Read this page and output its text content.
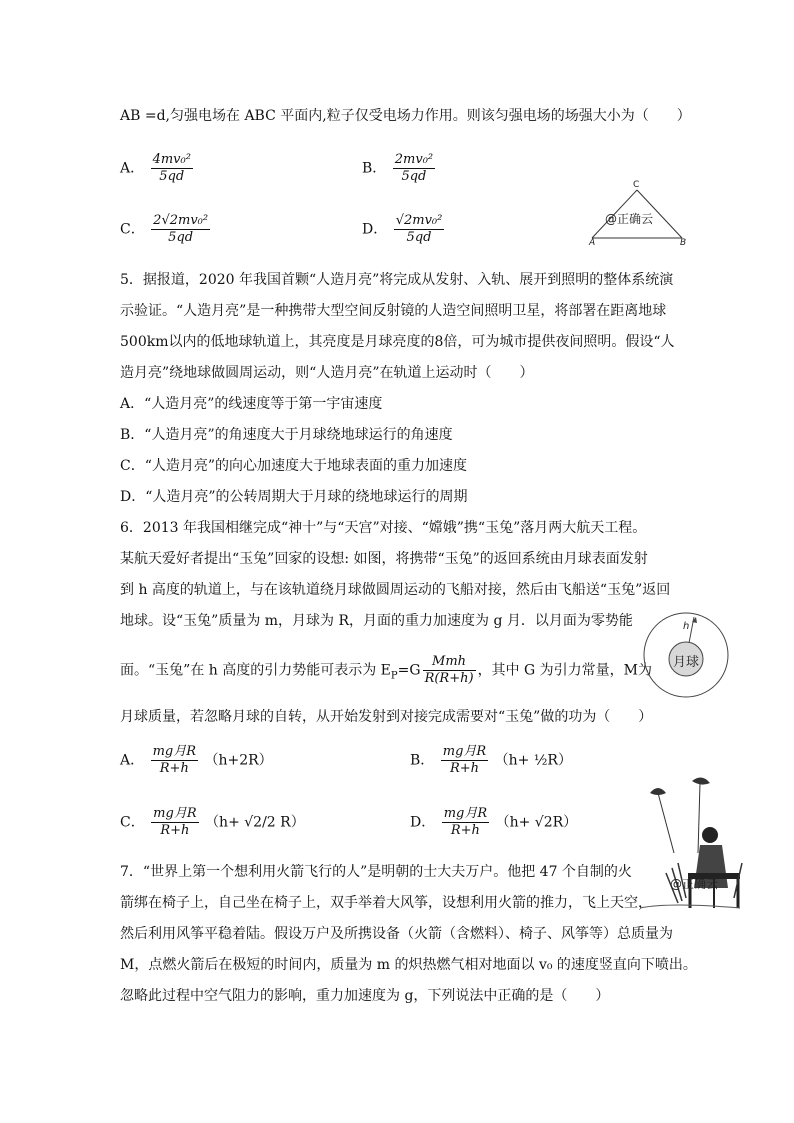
AB =d,匀强电场在 ABC 平面内,粒子仅受电场力作用。则该匀强电场的场强大小为（　　）
A． $\frac{\text{4mv₀²}}{5qd}$	B． $\frac{\text{2mv₀²}}{5qd}$
C． $\frac{\text{2√2mv₀²}}{5qd}$	D． $\frac{\text{√2mv₀²}}{5qd}$
C
A	B
@正确云
5．据报道，2020 年我国首颗“人造月亮”将完成从发射、入轨、展开到照明的整体系统演
示验证。“人造月亮”是一种携带大型空间反射镜的人造空间照明卫星，将部署在距离地球
500km以内的低地球轨道上，其亮度是月球亮度的8倍，可为城市提供夜间照明。假设“人
造月亮”绕地球做圆周运动，则“人造月亮”在轨道上运动时（　　）
A．“人造月亮”的线速度等于第一宇宙速度
B．“人造月亮”的角速度大于月球绕地球运行的角速度
C．“人造月亮”的向心加速度大于地球表面的重力加速度
D．“人造月亮”的公转周期大于月球的绕地球运行的周期
6．2013 年我国相继完成“神十”与“天宫”对接、“嫦娥”携“玉兔”落月两大航天工程。
某航天爱好者提出“玉兔”回家的设想: 如图，将携带“玉兔”的返回系统由月球表面发射
到 h 高度的轨道上，与在该轨道绕月球做圆周运动的飞船对接，然后由飞船送“玉兔”返回
地球。设“玉兔”质量为 m，月球为 R，月面的重力加速度为 g 月．以月面为零势能
面。“玉兔”在 h 高度的引力势能可表示为 $E_P=G \frac{\text{Mmh}}{R(R+h)}$ ，其中 G 为引力常量，M为
月球质量，若忽略月球的自转，从开始发射到对接完成需要对“玉兔”做的功为（　　）
h
月球
A． $\frac{\text{mg月R}}{R+h} (h+2R)$	B． $\frac{\text{mg月R}}{R+h} (h+$ ½R）
C． $\frac{\text{mg月R}}{R+h} (h+ √2/2$ R）	D． $\frac{\text{mg月R}}{R+h} (h+ √2R)$
7．“世界上第一个想利用火箭飞行的人”是明朝的士大夫万户。他把 47 个自制的火
箭绑在椅子上，自己坐在椅子上，双手举着大风筝，设想利用火箭的推力，飞上天空，
然后利用风筝平稳着陆。假设万户及所携设备（火箭（含燃料）、椅子、风筝等）总质量为
M，点燃火箭后在极短的时间内，质量为 m 的炽热燃气相对地面以 v₀ 的速度竖直向下喷出。
忽略此过程中空气阻力的影响，重力加速度为 g，下列说法中正确的是（　　）
@正确云
